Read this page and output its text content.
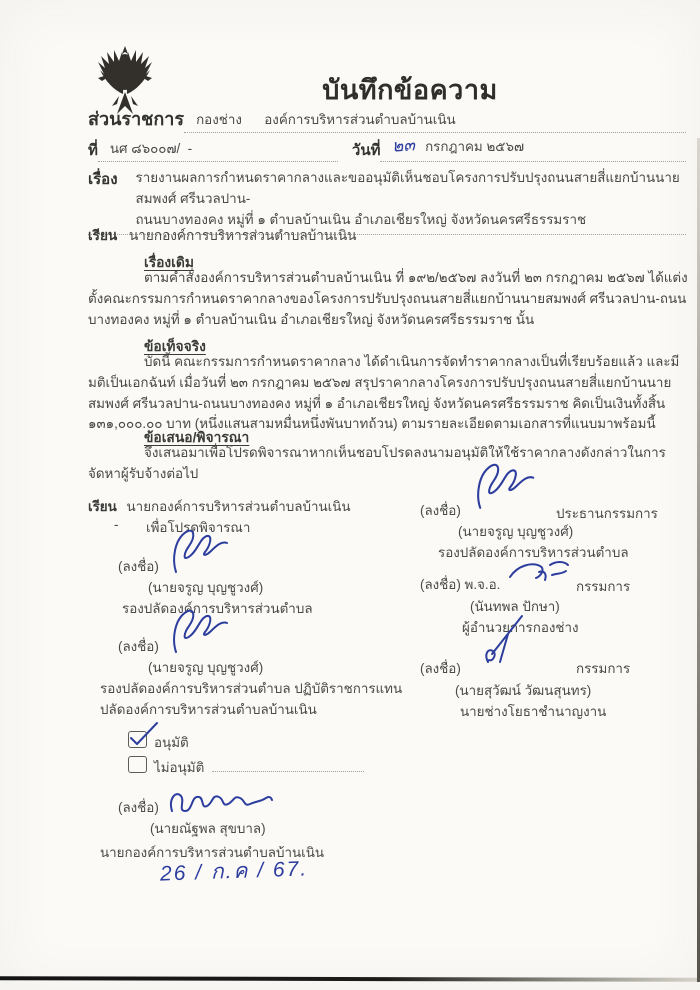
บันทึกข้อความ
ส่วนราชการ กองช่าง      องค์การบริหารส่วนตำบลบ้านเนิน
ที่ นศ ๘๖๐๐๗/  -	วันที่ ๒๓ กรกฎาคม ๒๕๖๗
เรื่อง	รายงานผลการกำหนดราคากลางและขออนุมัติเห็นชอบโครงการปรับปรุงถนนสายสี่แยกบ้านนายสมพงศ์ ศรีนวลปาน-
ถนนบางทองคง หมู่ที่ ๑ ตำบลบ้านเนิน อำเภอเชียรใหญ่ จังหวัดนครศรีธรรมราช
เรียน นายกองค์การบริหารส่วนตำบลบ้านเนิน
เรื่องเดิม

ตามคำสั่งองค์การบริหารส่วนตำบลบ้านเนิน ที่ ๑๙๒/๒๕๖๗ ลงวันที่ ๒๓ กรกฎาคม ๒๕๖๗ ได้แต่งตั้งคณะกรรมการกำหนดราคากลางของโครงการปรับปรุงถนนสายสี่แยกบ้านนายสมพงศ์ ศรีนวลปาน-ถนนบางทองคง หมู่ที่ ๑ ตำบลบ้านเนิน อำเภอเชียรใหญ่ จังหวัดนครศรีธรรมราช นั้น

ข้อเท็จจริง

บัดนี้ คณะกรรมการกำหนดราคากลาง ได้ดำเนินการจัดทำราคากลางเป็นที่เรียบร้อยแล้ว และมีมติเป็นเอกฉันท์ เมื่อวันที่ ๒๓ กรกฎาคม ๒๕๖๗ สรุปราคากลางโครงการปรับปรุงถนนสายสี่แยกบ้านนายสมพงศ์ ศรีนวลปาน-ถนนบางทองคง หมู่ที่ ๑ อำเภอเชียรใหญ่ จังหวัดนครศรีธรรมราช คิดเป็นเงินทั้งสิ้น ๑๓๑,๐๐๐.๐๐ บาท (หนึ่งแสนสามหมื่นหนึ่งพันบาทถ้วน) ตามรายละเอียดตามเอกสารที่แนบมาพร้อมนี้

ข้อเสนอ/พิจารณา

จึงเสนอมาเพื่อโปรดพิจารณาหากเห็นชอบโปรดลงนามอนุมัติให้ใช้ราคากลางดังกล่าวในการจัดหาผู้รับจ้างต่อไป

เรียน นายกองค์การบริหารส่วนตำบลบ้านเนิน
- เพื่อโปรดพิจารณา
(ลงชื่อ)
(นายจรูญ บุญชูวงศ์)
รองปลัดองค์การบริหารส่วนตำบล
(ลงชื่อ)
(นายจรูญ บุญชูวงศ์)
รองปลัดองค์การบริหารส่วนตำบล ปฏิบัติราชการแทน
ปลัดองค์การบริหารส่วนตำบลบ้านเนิน
(ลงชื่อ)	ประธานกรรมการ
(นายจรูญ บุญชูวงศ์)
รองปลัดองค์การบริหารส่วนตำบล
(ลงชื่อ) พ.จ.อ.	กรรมการ
(นันทพล ปักษา)
ผู้อำนวยการกองช่าง
(ลงชื่อ)	กรรมการ
(นายสุวัฒน์ วัฒนสุนทร)
นายช่างโยธาชำนาญงาน
อนุมัติ
ไม่อนุมัติ
(ลงชื่อ)
(นายณัฐพล สุขบาล)
นายกองค์การบริหารส่วนตำบลบ้านเนิน
26 / ก.ค / 67.
